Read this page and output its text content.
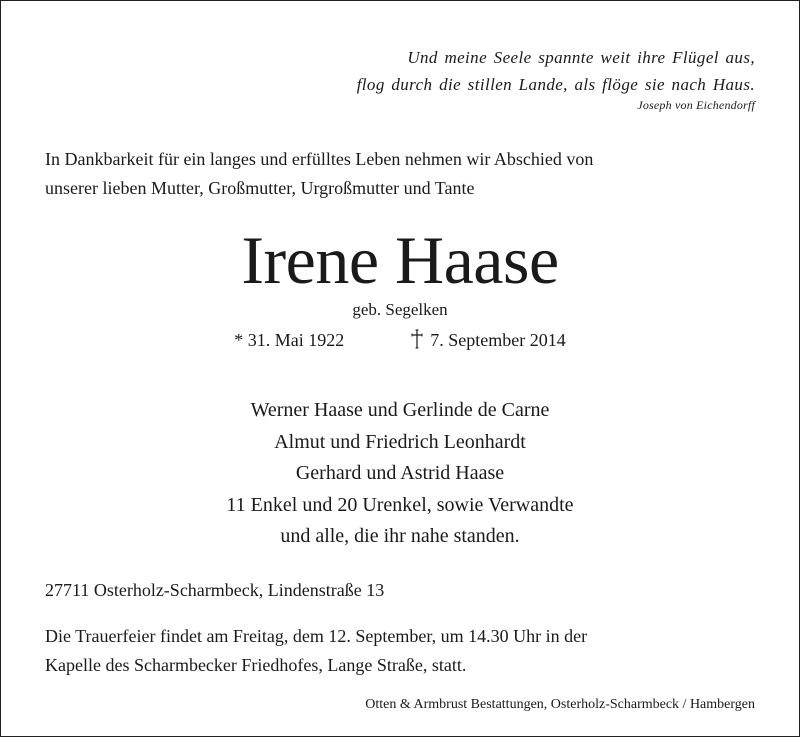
Und meine Seele spannte weit ihre Flügel aus,
flog durch die stillen Lande, als flöge sie nach Haus.
Joseph von Eichendorff
In Dankbarkeit für ein langes und erfülltes Leben nehmen wir Abschied von
unserer lieben Mutter, Großmutter, Urgroßmutter und Tante
Irene Haase
geb. Segelken
* 31. Mai 1922	7. September 2014
Werner Haase und Gerlinde de Carne
Almut und Friedrich Leonhardt
Gerhard und Astrid Haase
11 Enkel und 20 Urenkel, sowie Verwandte
und alle, die ihr nahe standen.
27711 Osterholz-Scharmbeck, Lindenstraße 13
Die Trauerfeier findet am Freitag, dem 12. September, um 14.30 Uhr in der
Kapelle des Scharmbecker Friedhofes, Lange Straße, statt.
Otten & Armbrust Bestattungen, Osterholz-Scharmbeck / Hambergen
